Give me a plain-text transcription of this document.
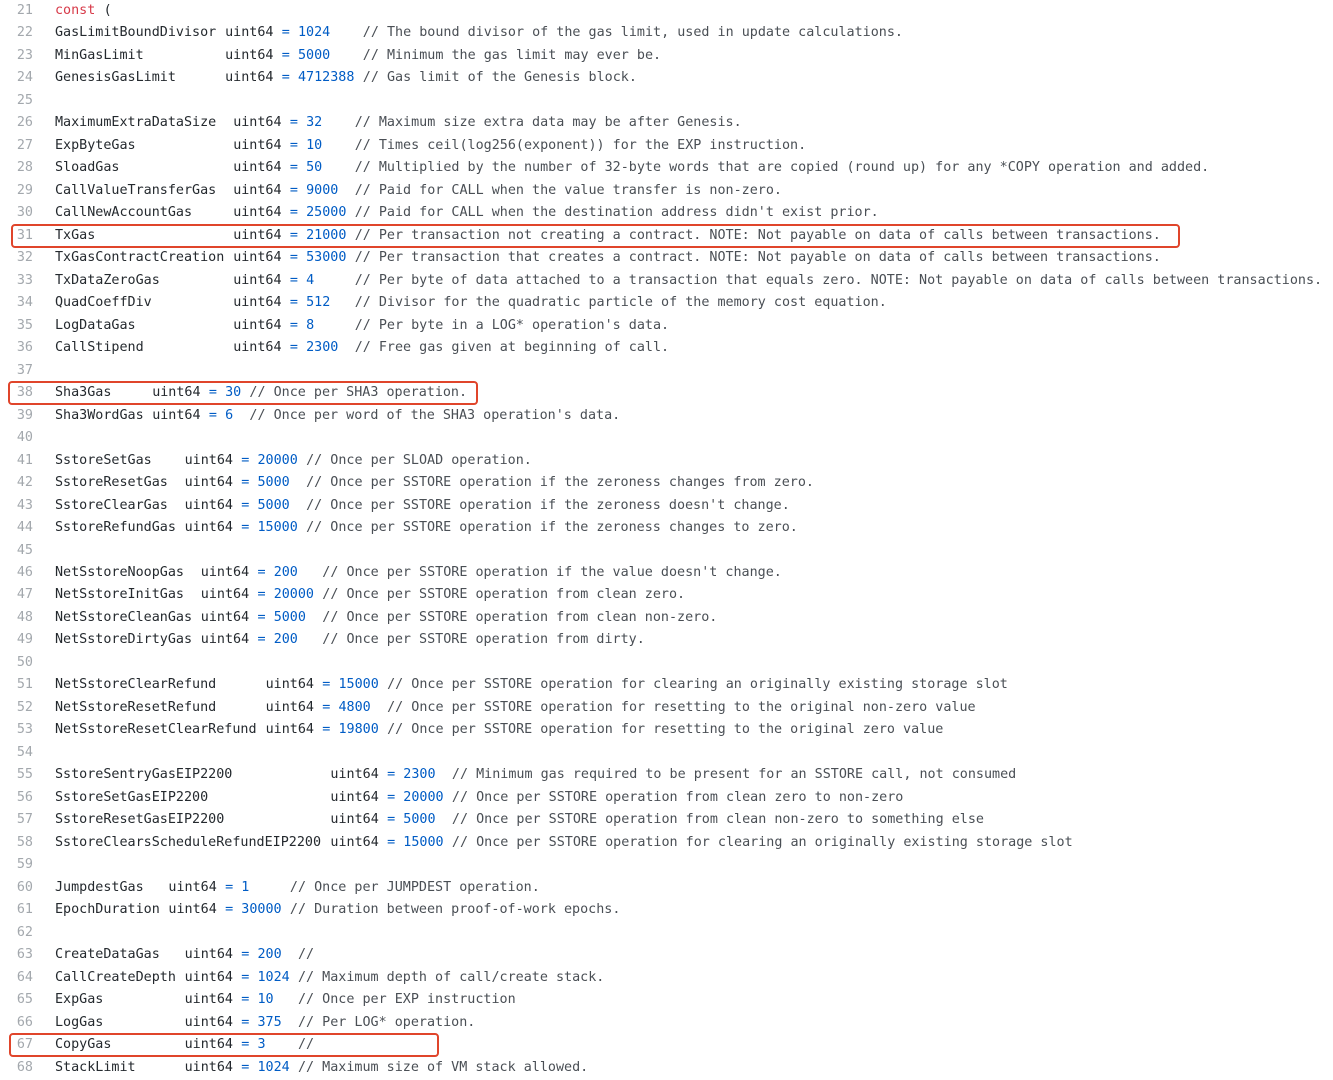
21 const (
22 GasLimitBoundDivisor uint64 = 1024 // The bound divisor of the gas limit, used in update calculations.
23 MinGasLimit	uint64 = 5000 // Minimum the gas limit may ever be.
24 GenesisGasLimit	uint64 = 4712388 // Gas limit of the Genesis block.
25
26 MaximumExtraDataSize uint64 = 32 // Maximum size extra data may be after Genesis.
27 ExpByteGas	uint64 = 10 // Times ceil(log256(exponent)) for the EXP instruction.
28 SloadGas	uint64 = 50 // Multiplied by the number of 32-byte words that are copied (round up) for any *COPY operation and added.
29 CallValueTransferGas uint64 = 9000 // Paid for CALL when the value transfer is non-zero.
30 CallNewAccountGas	uint64 = 25000 // Paid for CALL when the destination address didn't exist prior.
31 TxGas	uint64 = 21000 // Per transaction not creating a contract. NOTE: Not payable on data of calls between transactions.
32 TxGasContractCreation uint64 = 53000 // Per transaction that creates a contract. NOTE: Not payable on data of calls between transactions.
33 TxDataZeroGas	uint64 = 4	// Per byte of data attached to a transaction that equals zero. NOTE: Not payable on data of calls between transactions.
34 QuadCoeffDiv	uint64 = 512 // Divisor for the quadratic particle of the memory cost equation.
35 LogDataGas	uint64 = 8	// Per byte in a LOG* operation's data.
36 CallStipend	uint64 = 2300 // Free gas given at beginning of call.
37
38 Sha3Gas	uint64 = 30 // Once per SHA3 operation.
39 Sha3WordGas uint64 = 6 // Once per word of the SHA3 operation's data.
40
41 SstoreSetGas uint64 = 20000 // Once per SLOAD operation.
42 SstoreResetGas uint64 = 5000 // Once per SSTORE operation if the zeroness changes from zero.
43 SstoreClearGas uint64 = 5000 // Once per SSTORE operation if the zeroness doesn't change.
44 SstoreRefundGas uint64 = 15000 // Once per SSTORE operation if the zeroness changes to zero.
45
46 NetSstoreNoopGas uint64 = 200 // Once per SSTORE operation if the value doesn't change.
47 NetSstoreInitGas uint64 = 20000 // Once per SSTORE operation from clean zero.
48 NetSstoreCleanGas uint64 = 5000 // Once per SSTORE operation from clean non-zero.
49 NetSstoreDirtyGas uint64 = 200 // Once per SSTORE operation from dirty.
50
51 NetSstoreClearRefund	uint64 = 15000 // Once per SSTORE operation for clearing an originally existing storage slot
52 NetSstoreResetRefund	uint64 = 4800 // Once per SSTORE operation for resetting to the original non-zero value
53 NetSstoreResetClearRefund uint64 = 19800 // Once per SSTORE operation for resetting to the original zero value
54
55 SstoreSentryGasEIP2200	uint64 = 2300 // Minimum gas required to be present for an SSTORE call, not consumed
56 SstoreSetGasEIP2200	uint64 = 20000 // Once per SSTORE operation from clean zero to non-zero
57 SstoreResetGasEIP2200	uint64 = 5000 // Once per SSTORE operation from clean non-zero to something else
58 SstoreClearsScheduleRefundEIP2200 uint64 = 15000 // Once per SSTORE operation for clearing an originally existing storage slot
59
60 JumpdestGas uint64 = 1	// Once per JUMPDEST operation.
61 EpochDuration uint64 = 30000 // Duration between proof-of-work epochs.
62
63 CreateDataGas uint64 = 200 //
64 CallCreateDepth uint64 = 1024 // Maximum depth of call/create stack.
65 ExpGas	uint64 = 10 // Once per EXP instruction
66 LogGas	uint64 = 375 // Per LOG* operation.
67 CopyGas	uint64 = 3 //
68 StackLimit	uint64 = 1024 // Maximum size of VM stack allowed.
